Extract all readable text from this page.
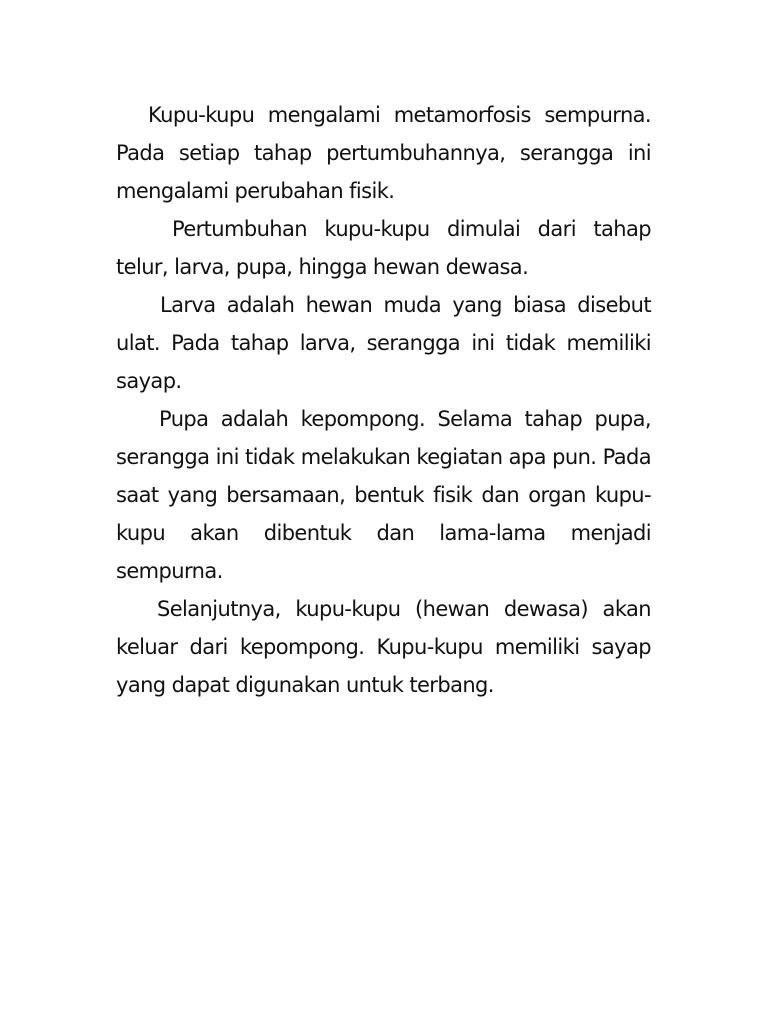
Kupu-kupu mengalami metamorfosis sempurna. Pada setiap tahap pertumbuhannya, serangga ini mengalami perubahan fisik.

Pertumbuhan kupu-kupu dimulai dari tahap telur, larva, pupa, hingga hewan dewasa.

Larva adalah hewan muda yang biasa disebut ulat. Pada tahap larva, serangga ini tidak memiliki sayap.

Pupa adalah kepompong. Selama tahap pupa, serangga ini tidak melakukan kegiatan apa pun. Pada saat yang bersamaan, bentuk fisik dan organ kupu-kupu akan dibentuk dan lama-lama menjadi sempurna.

Selanjutnya, kupu-kupu (hewan dewasa) akan keluar dari kepompong. Kupu-kupu memiliki sayap yang dapat digunakan untuk terbang.
